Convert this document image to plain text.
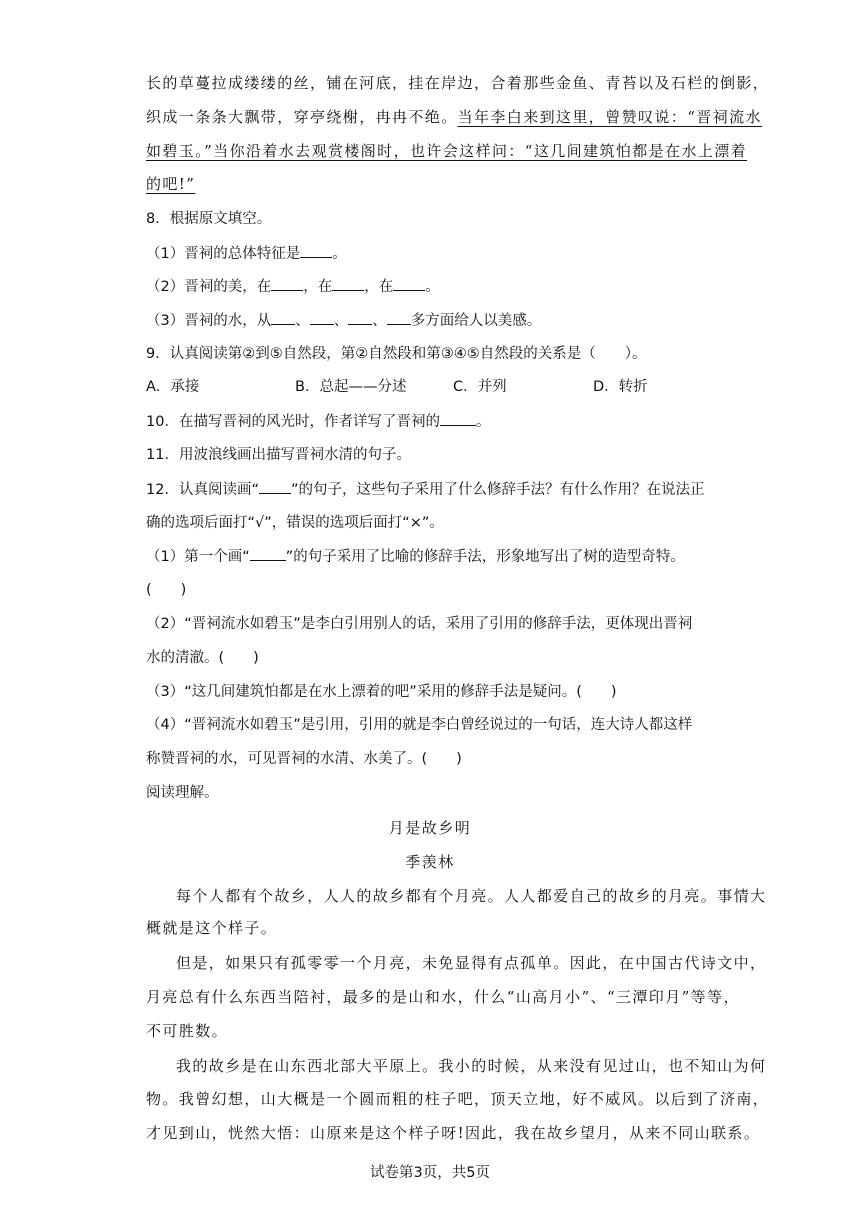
长的草蔓拉成缕缕的丝，铺在河底，挂在岸边，合着那些金鱼、青苔以及石栏的倒影，
织成一条条大飘带，穿亭绕榭，冉冉不绝。当年李白来到这里，曾赞叹说：“晋祠流水
如碧玉。”当你沿着水去观赏楼阁时，也许会这样问：“这几间建筑怕都是在水上漂着
的吧!”
8．根据原文填空。
（1）晋祠的总体特征是 。
（2）晋祠的美，在 ，在 ，在 。
（3）晋祠的水，从 、 、 、 多方面给人以美感。
9．认真阅读第②到⑤自然段，第②自然段和第③④⑤自然段的关系是（　　）。
A．承接	B．总起——分述	C．并列	D．转折
10．在描写晋祠的风光时，作者详写了晋祠的 。
11．用波浪线画出描写晋祠水清的句子。
12．认真阅读画“ ”的句子，这些句子采用了什么修辞手法？有什么作用？在说法正
确的选项后面打“√”，错误的选项后面打“×”。
（1）第一个画“ ”的句子采用了比喻的修辞手法，形象地写出了树的造型奇特。
(　　)
（2）“晋祠流水如碧玉”是李白引用别人的话，采用了引用的修辞手法，更体现出晋祠
水的清澈。(　　)
（3）“这几间建筑怕都是在水上漂着的吧”采用的修辞手法是疑问。(　　)
（4）“晋祠流水如碧玉”是引用，引用的就是李白曾经说过的一句话，连大诗人都这样
称赞晋祠的水，可见晋祠的水清、水美了。(　　)
阅读理解。
月是故乡明
季羡林
每个人都有个故乡，人人的故乡都有个月亮。人人都爱自己的故乡的月亮。事情大
概就是这个样子。
但是，如果只有孤零零一个月亮，未免显得有点孤单。因此，在中国古代诗文中，
月亮总有什么东西当陪衬，最多的是山和水，什么“山高月小”、“三潭印月”等等，
不可胜数。
我的故乡是在山东西北部大平原上。我小的时候，从来没有见过山，也不知山为何
物。我曾幻想，山大概是一个圆而粗的柱子吧，顶天立地，好不威风。以后到了济南，
才见到山，恍然大悟：山原来是这个样子呀!因此，我在故乡望月，从来不同山联系。
试卷第3页，共5页
